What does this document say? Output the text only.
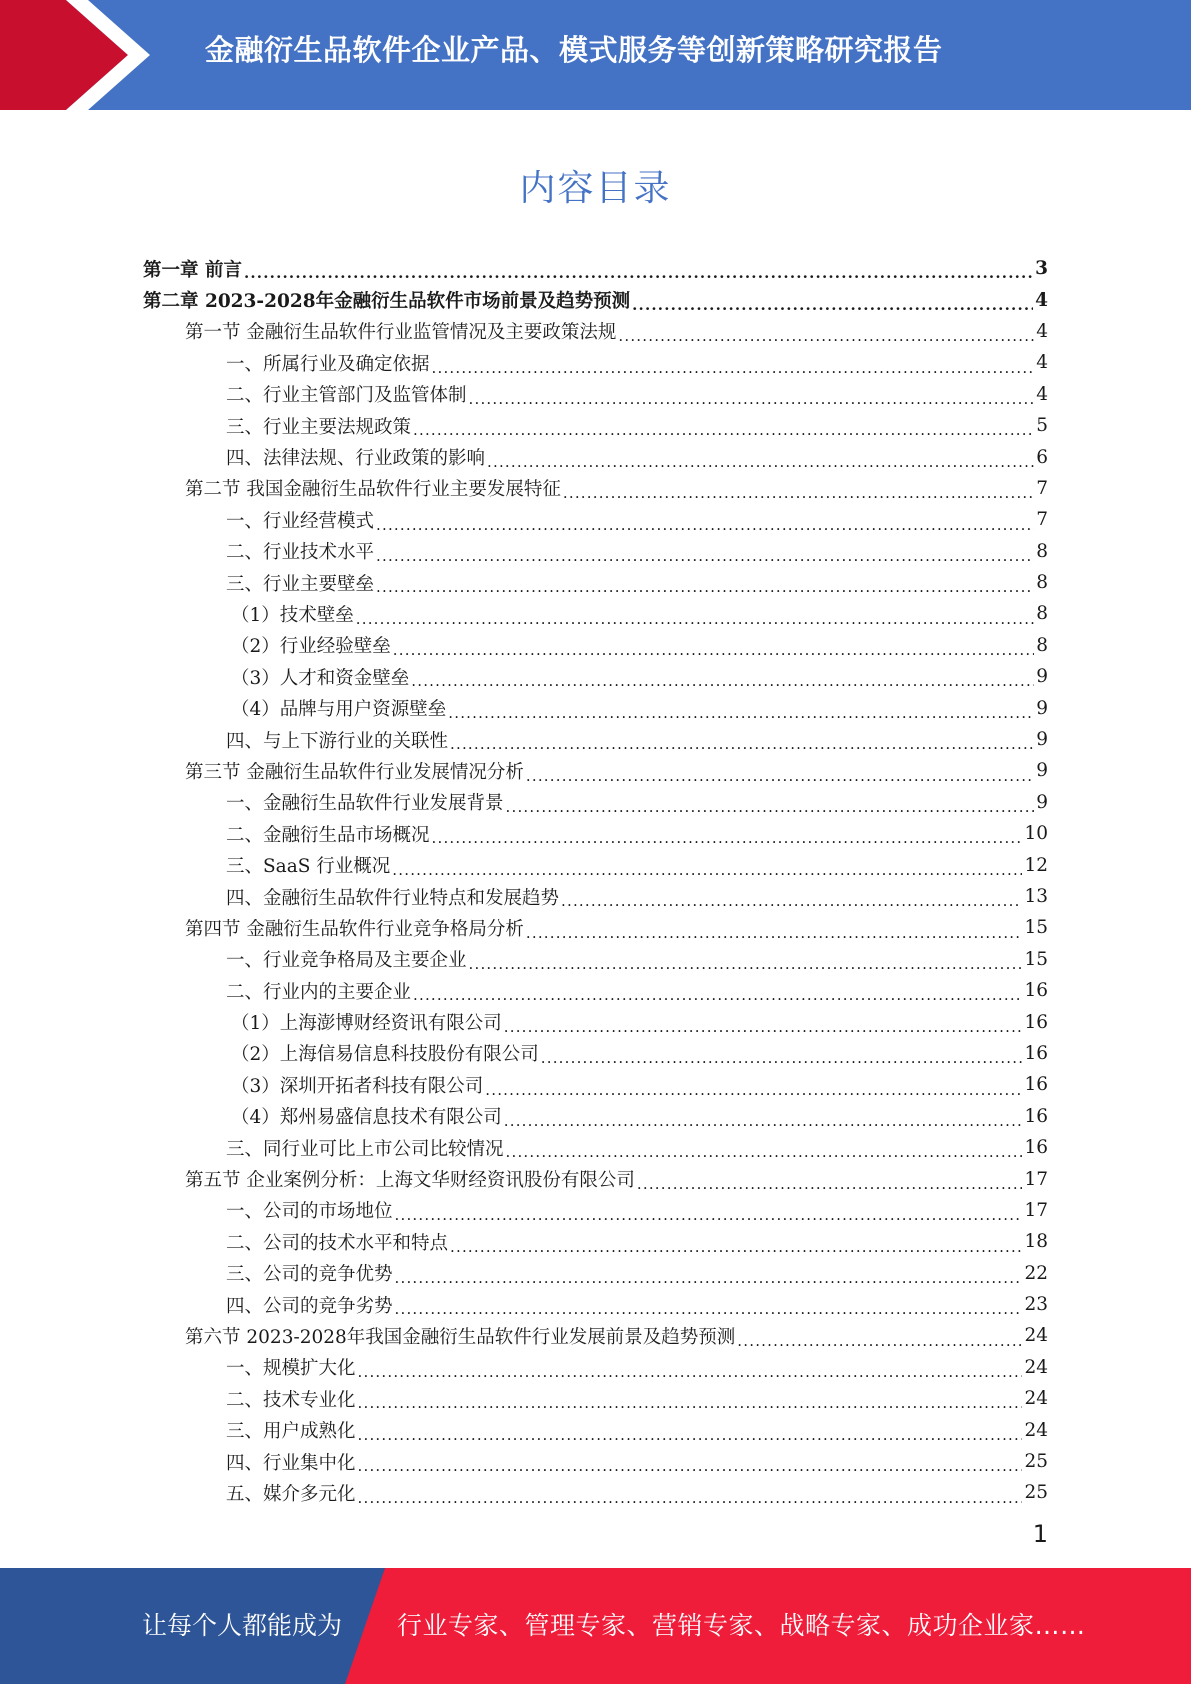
金融衍生品软件企业产品、模式服务等创新策略研究报告
内容目录
第一章 前言 .....	3
第二章 2023-2028年金融衍生品软件市场前景及趋势预测 .....	4
第一节 金融衍生品软件行业监管情况及主要政策法规 .....	4
一、所属行业及确定依据 .....	4
二、行业主管部门及监管体制 .....	4
三、行业主要法规政策 .....	5
四、法律法规、行业政策的影响 .....	6
第二节 我国金融衍生品软件行业主要发展特征 .....	7
一、行业经营模式 .....	7
二、行业技术水平 .....	8
三、行业主要壁垒 .....	8
（1）技术壁垒 .....	8
（2）行业经验壁垒 .....	8
（3）人才和资金壁垒 .....	9
（4）品牌与用户资源壁垒 .....	9
四、与上下游行业的关联性 .....	9
第三节 金融衍生品软件行业发展情况分析 .....	9
一、金融衍生品软件行业发展背景 .....	9
二、金融衍生品市场概况 .....	10
三、SaaS 行业概况 .....	12
四、金融衍生品软件行业特点和发展趋势 .....	13
第四节 金融衍生品软件行业竞争格局分析 .....	15
一、行业竞争格局及主要企业 .....	15
二、行业内的主要企业 .....	16
（1）上海澎博财经资讯有限公司 .....	16
（2）上海信易信息科技股份有限公司 .....	16
（3）深圳开拓者科技有限公司 .....	16
（4）郑州易盛信息技术有限公司 .....	16
三、同行业可比上市公司比较情况 .....	16
第五节 企业案例分析：上海文华财经资讯股份有限公司 .....	17
一、公司的市场地位 .....	17
二、公司的技术水平和特点 .....	18
三、公司的竞争优势 .....	22
四、公司的竞争劣势 .....	23
第六节 2023-2028年我国金融衍生品软件行业发展前景及趋势预测 .....	24
一、规模扩大化 .....	24
二、技术专业化 .....	24
三、用户成熟化 .....	24
四、行业集中化 .....	25
五、媒介多元化 .....	25
1
让每个人都能成为 行业专家、管理专家、营销专家、战略专家、成功企业家……
